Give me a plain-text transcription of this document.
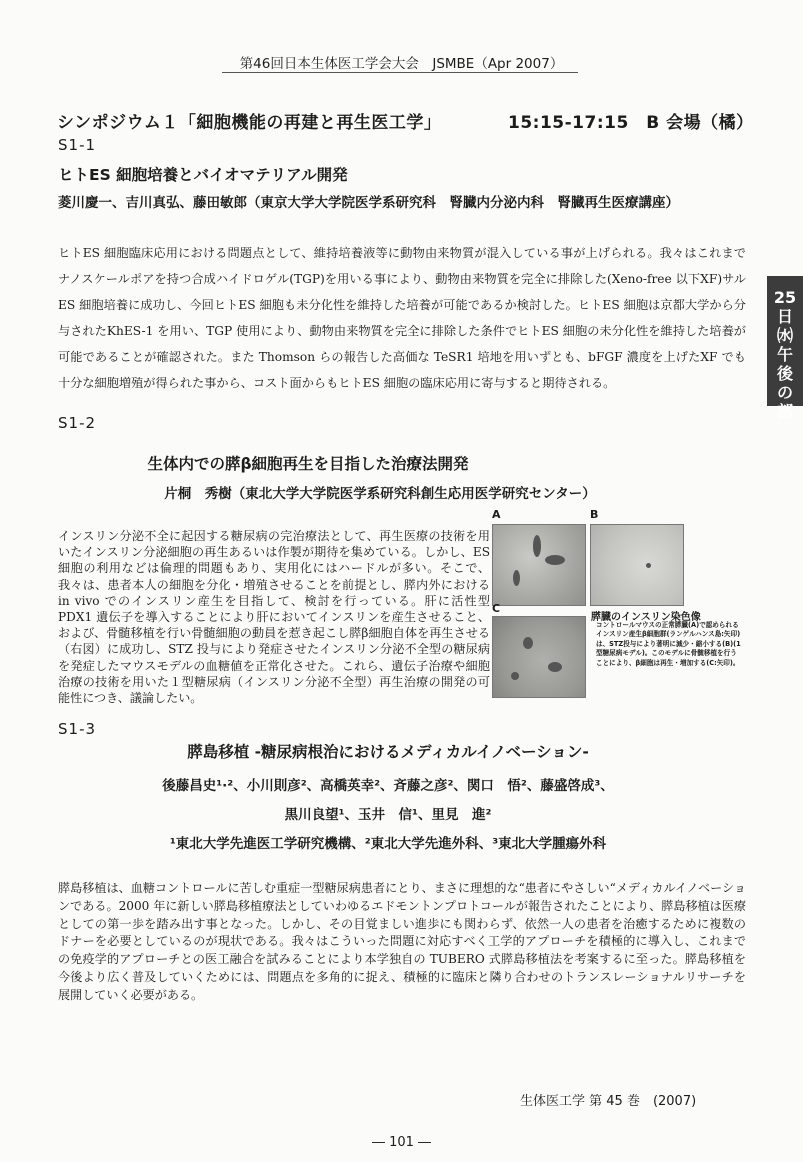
第46回日本生体医工学会大会　JSMBE（Apr 2007）
シンポジウム１「細胞機能の再建と再生医工学」	15:15-17:15　B 会場（橘）
25
日
㈬
午
後
の
部
S1-1
ヒトES 細胞培養とバイオマテリアル開発
菱川慶一、吉川真弘、藤田敏郎（東京大学大学院医学系研究科　腎臓内分泌内科　腎臓再生医療講座）
ヒトES 細胞臨床応用における問題点として、維持培養液等に動物由来物質が混入している事が上げられる。我々はこれまでナノスケールポアを持つ合成ハイドロゲル(TGP)を用いる事により、動物由来物質を完全に排除した(Xeno-free 以下XF)サルES 細胞培養に成功し、今回ヒトES 細胞も未分化性を維持した培養が可能であるか検討した。ヒトES 細胞は京都大学から分与されたKhES-1 を用い、TGP 使用により、動物由来物質を完全に排除した条件でヒトES 細胞の未分化性を維持した培養が可能であることが確認された。また Thomson らの報告した高価な TeSR1 培地を用いずとも、bFGF 濃度を上げたXF でも十分な細胞増殖が得られた事から、コスト面からもヒトES 細胞の臨床応用に寄与すると期待される。
S1-2
生体内での膵β細胞再生を目指した治療法開発
片桐　秀樹（東北大学大学院医学系研究科創生応用医学研究センター）
インスリン分泌不全に起因する糖尿病の完治療法として、再生医療の技術を用いたインスリン分泌細胞の再生あるいは作製が期待を集めている。しかし、ES 細胞の利用などは倫理的問題もあり、実用化にはハードルが多い。そこで、我々は、患者本人の細胞を分化・増殖させることを前提とし、膵内外における in vivo でのインスリン産生を目指して、検討を行っている。肝に活性型 PDX1 遺伝子を導入することにより肝においてインスリンを産生させること、および、骨髄移植を行い骨髄細胞の動員を惹き起こし膵β細胞自体を再生させる（右図）に成功し、STZ 投与により発症させたインスリン分泌不全型の糖尿病を発症したマウスモデルの血糖値を正常化させた。これら、遺伝子治療や細胞治療の技術を用いた１型糖尿病（インスリン分泌不全型）再生治療の開発の可能性につき、議論したい。
A	B
C
膵臓のインスリン染色像
コントロールマウスの正常膵臓(A)で認められるインスリン産生β細胞群(ランゲルハンス島:矢印)は、STZ投与により著明に減少・縮小する(B)(1型糖尿病モデル)。このモデルに骨髄移植を行うことにより、β細胞は再生・増加する(C:矢印)。
S1-3
膵島移植 -糖尿病根治におけるメディカルイノベーション-
後藤昌史¹·²、小川則彦²、高橋英幸²、斉藤之彦²、関口　悟²、藤盛啓成³、
黒川良望¹、玉井　信¹、里見　進²
¹東北大学先進医工学研究機構、²東北大学先進外科、³東北大学腫瘍外科
膵島移植は、血糖コントロールに苦しむ重症一型糖尿病患者にとり、まさに理想的な“患者にやさしい“メディカルイノベーションである。2000 年に新しい膵島移植療法としていわゆるエドモントンプロトコールが報告されたことにより、膵島移植は医療としての第一歩を踏み出す事となった。しかし、その目覚ましい進歩にも関わらず、依然一人の患者を治癒するために複数のドナーを必要としているのが現状である。我々はこういった問題に対応すべく工学的アプローチを積極的に導入し、これまでの免疫学的アプローチとの医工融合を試みることにより本学独自の TUBERO 式膵島移植法を考案するに至った。膵島移植を今後より広く普及していくためには、問題点を多角的に捉え、積極的に臨床と隣り合わせのトランスレーショナルリサーチを展開していく必要がある。
生体医工学 第 45 巻　(2007)
― 101 ―
